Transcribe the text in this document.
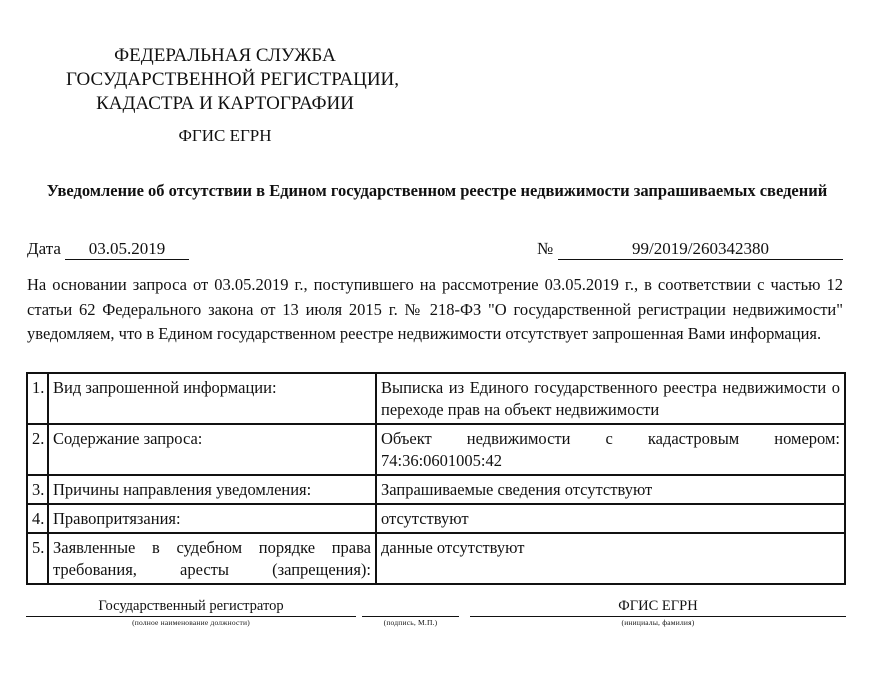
ФЕДЕРАЛЬНАЯ СЛУЖБА
ГОСУДАРСТВЕННОЙ РЕГИСТРАЦИИ,
КАДАСТРА И КАРТОГРАФИИ
ФГИС ЕГРН
Уведомление об отсутствии в Едином государственном реестре недвижимости запрашиваемых сведений
Дата	03.05.2019	№	99/2019/260342380
На основании запроса от 03.05.2019 г., поступившего на рассмотрение 03.05.2019 г., в соответствии с частью 12 статьи 62 Федерального закона от 13 июля 2015 г. № 218-ФЗ "О государственной регистрации недвижимости" уведомляем, что в Едином государственном реестре недвижимости отсутствует запрошенная Вами информация.
1.	Вид запрошенной информации:	Выписка из Единого государственного реестра недвижимости о переходе прав на объект недвижимости
2.	Содержание запроса:	Объект недвижимости с кадастровым номером: 74:36:0601005:42
3.	Причины направления уведомления:	Запрашиваемые сведения отсутствуют
4.	Правопритязания:	отсутствуют
5.	Заявленные в судебном порядке права требования, аресты (запрещения):	данные отсутствуют
Государственный регистратор
(полное наименование должности)	(подпись, М.П.)
ФГИС ЕГРН
(инициалы, фамилия)
